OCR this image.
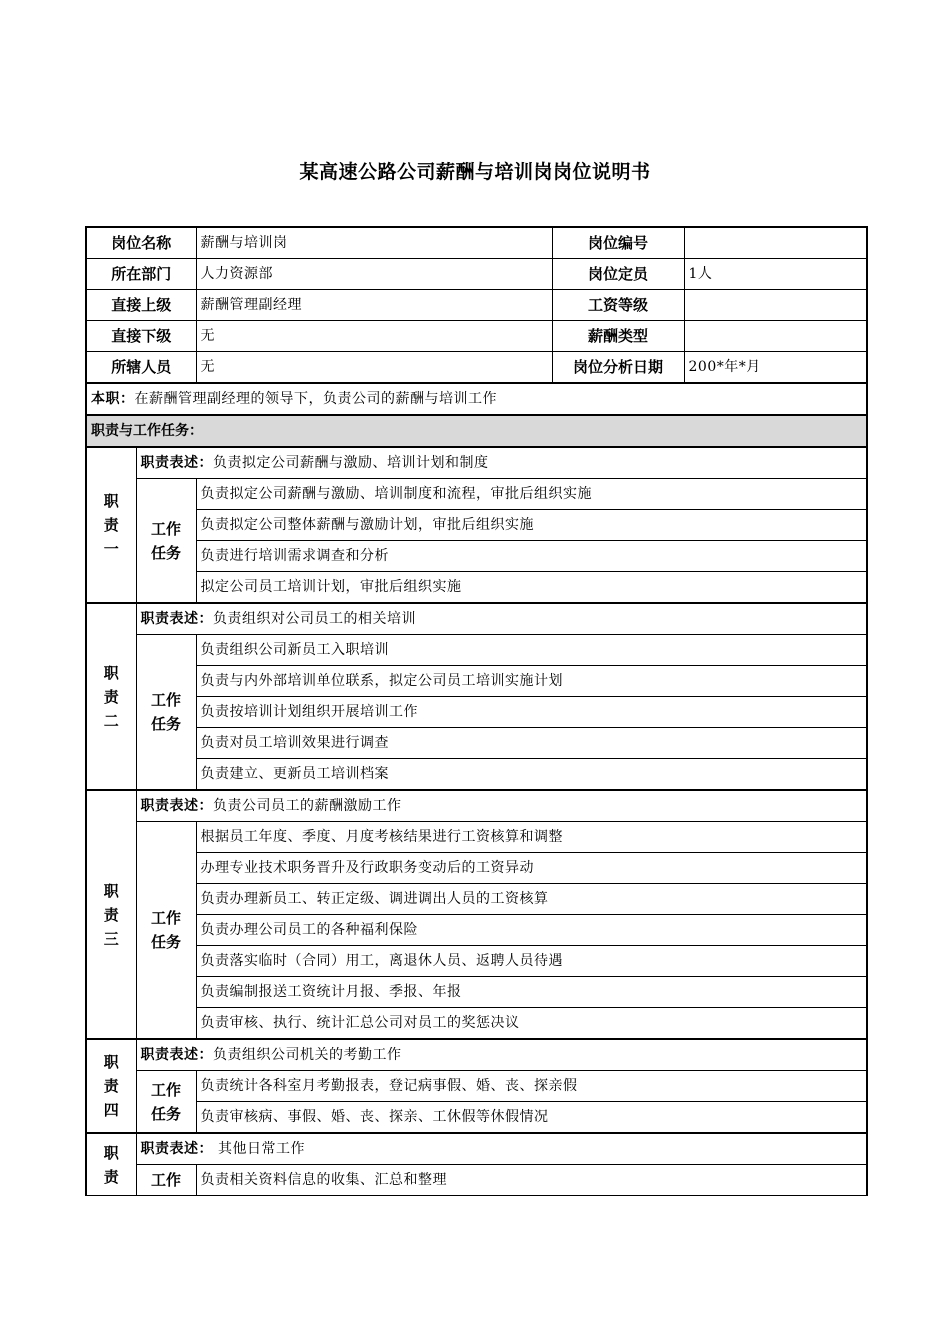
某高速公路公司薪酬与培训岗岗位说明书
岗位名称		薪酬与培训岗	岗位编号	
所在部门		人力资源部	岗位定员	1人
直接上级		薪酬管理副经理	工资等级	
直接下级		无	薪酬类型	
所辖人员		无	岗位分析日期	200*年*月
本职：在薪酬管理副经理的领导下，负责公司的薪酬与培训工作				
职责与工作任务：				

职
责
一	职责表述：负责拟定公司薪酬与激励、培训计划和制度			

	工作
任务	负责拟定公司薪酬与激励、培训制度和流程，审批后组织实施		
		负责拟定公司整体薪酬与激励计划，审批后组织实施		
		负责进行培训需求调查和分析		
		拟定公司员工培训计划，审批后组织实施		

职
责
二	职责表述：负责组织对公司员工的相关培训			

	工作
任务	负责组织公司新员工入职培训		
		负责与内外部培训单位联系，拟定公司员工培训实施计划		
		负责按培训计划组织开展培训工作		
		负责对员工培训效果进行调查		
		负责建立、更新员工培训档案		

职
责
三	职责表述：负责公司员工的薪酬激励工作			

	工作
任务	根据员工年度、季度、月度考核结果进行工资核算和调整		
		办理专业技术职务晋升及行政职务变动后的工资异动		
		负责办理新员工、转正定级、调进调出人员的工资核算		
		负责办理公司员工的各种福利保险		
		负责落实临时（合同）用工，离退休人员、返聘人员待遇		
		负责编制报送工资统计月报、季报、年报		
		负责审核、执行、统计汇总公司对员工的奖惩决议		

职
责
四	职责表述：负责组织公司机关的考勤工作			

	工作
任务	负责统计各科室月考勤报表，登记病事假、婚、丧、探亲假		
		负责审核病、事假、婚、丧、探亲、工休假等休假情况		

职
责	职责表述： 其他日常工作			

	工作	负责相关资料信息的收集、汇总和整理		
